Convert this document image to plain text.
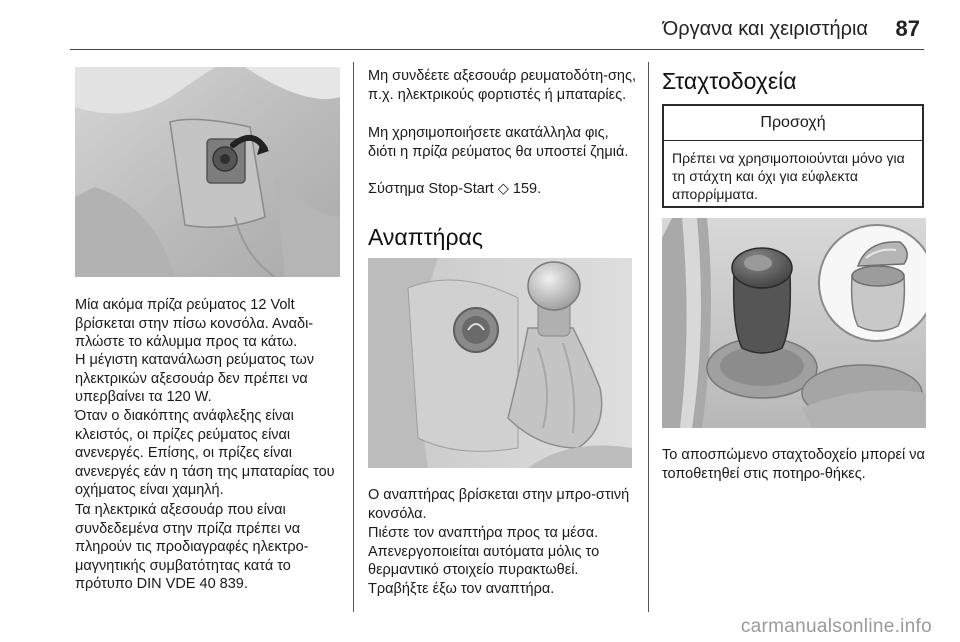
Όργανα και χειριστήρια 87

Μία ακόμα πρίζα ρεύματος 12 Volt βρίσκεται στην πίσω κονσόλα. Αναδι-πλώστε το κάλυμμα προς τα κάτω.

Η μέγιστη κατανάλωση ρεύματος των ηλεκτρικών αξεσουάρ δεν πρέπει να υπερβαίνει τα 120 W.

Όταν ο διακόπτης ανάφλεξης είναι κλειστός, οι πρίζες ρεύματος είναι ανενεργές. Επίσης, οι πρίζες είναι ανενεργές εάν η τάση της μπαταρίας του οχήματος είναι χαμηλή.

Τα ηλεκτρικά αξεσουάρ που είναι συνδεδεμένα στην πρίζα πρέπει να πληρούν τις προδιαγραφές ηλεκτρο-μαγνητικής συμβατότητας κατά το πρότυπο DIN VDE 40 839.

Μη συνδέετε αξεσουάρ ρευματοδότη-σης, π.χ. ηλεκτρικούς φορτιστές ή μπαταρίες.

Μη χρησιμοποιήσετε ακατάλληλα φις, διότι η πρίζα ρεύματος θα υποστεί ζημιά.

Σύστημα Stop-Start ◇ 159.

Αναπτήρας

Ο αναπτήρας βρίσκεται στην μπρο-στινή κονσόλα.

Πιέστε τον αναπτήρα προς τα μέσα. Απενεργοποιείται αυτόματα μόλις το θερμαντικό στοιχείο πυρακτωθεί. Τραβήξτε έξω τον αναπτήρα.

Σταχτοδοχεία
Προσοχή

Πρέπει να χρησιμοποιούνται μόνο για τη στάχτη και όχι για εύφλεκτα απορρίμματα.

Το αποσπώμενο σταχτοδοχείο μπορεί να τοποθετηθεί στις ποτηρο-θήκες.

carmanualsonline.info
